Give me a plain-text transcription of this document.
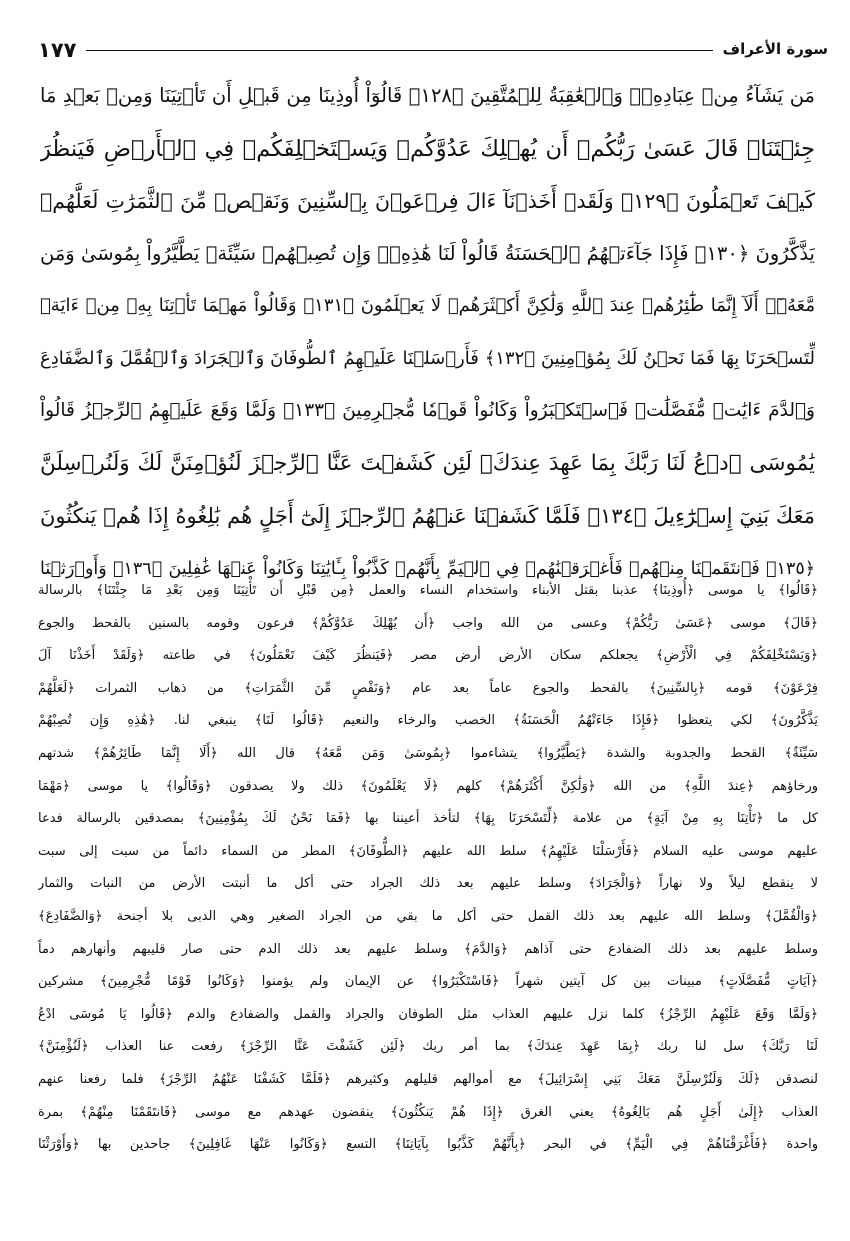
سورة الأعراف
١٧٧
مَن يَشَآءُ مِنۡ عِبَادِهِۦۖ وَٱلۡعَٰقِبَةُ لِلۡمُتَّقِينَ ﴿١٢٨﴾ قَالُوٓاْ أُوذِينَا مِن قَبۡلِ أَن تَأۡتِيَنَا وَمِنۢ بَعۡدِ مَا
جِئۡتَنَاۚ قَالَ عَسَىٰ رَبُّكُمۡ أَن يُهۡلِكَ عَدُوَّكُمۡ وَيَسۡتَخۡلِفَكُمۡ فِي ٱلۡأَرۡضِ فَيَنظُرَ
كَيۡفَ تَعۡمَلُونَ ﴿١٢٩﴾ وَلَقَدۡ أَخَذۡنَآ ءَالَ فِرۡعَوۡنَ بِٱلسِّنِينَ وَنَقۡصٖ مِّنَ ٱلثَّمَرَٰتِ لَعَلَّهُمۡ
يَذَّكَّرُونَ ﴿١٣٠﴾ فَإِذَا جَآءَتۡهُمُ ٱلۡحَسَنَةُ قَالُواْ لَنَا هَٰذِهِۦۖ وَإِن تُصِبۡهُمۡ سَيِّئَةٞ يَطَّيَّرُواْ بِمُوسَىٰ وَمَن
مَّعَهُۥٓۗ أَلَآ إِنَّمَا طَٰٓئِرُهُمۡ عِندَ ٱللَّهِ وَلَٰكِنَّ أَكۡثَرَهُمۡ لَا يَعۡلَمُونَ ﴿١٣١﴾ وَقَالُواْ مَهۡمَا تَأۡتِنَا بِهِۦ مِنۡ ءَايَةٖ
لِّتَسۡحَرَنَا بِهَا فَمَا نَحۡنُ لَكَ بِمُؤۡمِنِينَ ﴿١٣٢﴾ فَأَرۡسَلۡنَا عَلَيۡهِمُ ٱلطُّوفَانَ وَٱلۡجَرَادَ وَٱلۡقُمَّلَ وَٱلضَّفَادِعَ
وَٱلدَّمَ ءَايَٰتٖ مُّفَصَّلَٰتٖ فَٱسۡتَكۡبَرُواْ وَكَانُواْ قَوۡمٗا مُّجۡرِمِينَ ﴿١٣٣﴾ وَلَمَّا وَقَعَ عَلَيۡهِمُ ٱلرِّجۡزُ قَالُواْ
يَٰمُوسَى ٱدۡعُ لَنَا رَبَّكَ بِمَا عَهِدَ عِندَكَۖ لَئِن كَشَفۡتَ عَنَّا ٱلرِّجۡزَ لَنُؤۡمِنَنَّ لَكَ وَلَنُرۡسِلَنَّ
مَعَكَ بَنِيٓ إِسۡرَٰٓءِيلَ ﴿١٣٤﴾ فَلَمَّا كَشَفۡنَا عَنۡهُمُ ٱلرِّجۡزَ إِلَىٰٓ أَجَلٍ هُم بَٰلِغُوهُ إِذَا هُمۡ يَنكُثُونَ
﴿١٣٥﴾ فَٱنتَقَمۡنَا مِنۡهُمۡ فَأَغۡرَقۡنَٰهُمۡ فِي ٱلۡيَمِّ بِأَنَّهُمۡ كَذَّبُواْ بِـَٔايَٰتِنَا وَكَانُواْ عَنۡهَا غَٰفِلِينَ ﴿١٣٦﴾ وَأَوۡرَثۡنَا
﴿قَالُوا﴾ يا موسى ﴿أُوذِينَا﴾ عذبنا بقتل الأبناء واستخدام النساء والعمل ﴿مِن قَبْلِ أَن تَأْتِيَنَا وَمِن بَعْدِ مَا جِئْتَنَا﴾ بالرسالة
﴿قَالَ﴾ موسى ﴿عَسَىٰ رَبُّكُمْ﴾ وعسى من الله واجب ﴿أَن يُهْلِكَ عَدُوَّكُمْ﴾ فرعون وقومه بالسنين بالقحط والجوع
﴿وَيَسْتَخْلِفَكُمْ فِي الْأَرْضِ﴾ يجعلكم سكان الأرض أرض مصر ﴿فَيَنظُرَ كَيْفَ تَعْمَلُونَ﴾ في طاعته ﴿وَلَقَدْ أَخَذْنَا آلَ
فِرْعَوْنَ﴾ قومه ﴿بِالسِّنِينَ﴾ بالقحط والجوع عاماً بعد عام ﴿وَنَقْصٍ مِّنَ الثَّمَرَاتِ﴾ من ذهاب الثمرات ﴿لَعَلَّهُمْ
يَذَّكَّرُونَ﴾ لكي يتعظوا ﴿فَإِذَا جَاءَتْهُمُ الْحَسَنَةُ﴾ الخصب والرخاء والنعيم ﴿قَالُوا لَنَا﴾ ينبغي لنا. ﴿هَٰذِهِ وَإِن تُصِبْهُمْ
سَيِّئَةٌ﴾ القحط والجدوبة والشدة ﴿يَطَّيَّرُوا﴾ يتشاءموا ﴿بِمُوسَىٰ وَمَن مَّعَهُ﴾ قال الله ﴿أَلَا إِنَّمَا طَائِرُهُمْ﴾ شدتهم
ورخاؤهم ﴿عِندَ اللَّهِ﴾ من الله ﴿وَلَٰكِنَّ أَكْثَرَهُمْ﴾ كلهم ﴿لَا يَعْلَمُونَ﴾ ذلك ولا يصدقون ﴿وَقَالُوا﴾ يا موسى ﴿مَهْمَا
كل ما ﴿تَأْتِنَا بِهِ مِنْ آيَةٍ﴾ من علامة ﴿لِّتَسْحَرَنَا بِهَا﴾ لتأخذ أعيننا بها ﴿فَمَا نَحْنُ لَكَ بِمُؤْمِنِينَ﴾ بمصدقين بالرسالة فدعا
عليهم موسى عليه السلام ﴿فَأَرْسَلْنَا عَلَيْهِمُ﴾ سلط الله عليهم ﴿الطُّوفَانَ﴾ المطر من السماء دائماً من سبت إلى سبت
لا ينقطع ليلاً ولا نهاراً ﴿وَالْجَرَادَ﴾ وسلط عليهم بعد ذلك الجراد حتى أكل ما أنبتت الأرض من النبات والثمار
﴿وَالْقُمَّلَ﴾ وسلط الله عليهم بعد ذلك القمل حتى أكل ما بقي من الجراد الصغير وهي الدبى بلا أجنحة ﴿وَالضَّفَادِعَ﴾
وسلط عليهم بعد ذلك الضفادع حتى آذاهم ﴿وَالدَّمَ﴾ وسلط عليهم بعد ذلك الدم حتى صار قليبهم وأنهارهم دماً
﴿آيَاتٍ مُّفَصَّلَاتٍ﴾ مبينات بين كل آيتين شهراً ﴿فَاسْتَكْبَرُوا﴾ عن الإيمان ولم يؤمنوا ﴿وَكَانُوا قَوْمًا مُّجْرِمِينَ﴾ مشركين
﴿وَلَمَّا وَقَعَ عَلَيْهِمُ الرِّجْزُ﴾ كلما نزل عليهم العذاب مثل الطوفان والجراد والقمل والضفادع والدم ﴿قَالُوا يَا مُوسَى ادْعُ
لَنَا رَبَّكَ﴾ سل لنا ربك ﴿بِمَا عَهِدَ عِندَكَ﴾ بما أمر ربك ﴿لَئِن كَشَفْتَ عَنَّا الرِّجْزَ﴾ رفعت عنا العذاب ﴿لَنُؤْمِنَنَّ﴾
لنصدقن ﴿لَكَ وَلَنُرْسِلَنَّ مَعَكَ بَنِي إِسْرَائِيلَ﴾ مع أموالهم قليلهم وكثيرهم ﴿فَلَمَّا كَشَفْنَا عَنْهُمُ الرِّجْزَ﴾ فلما رفعنا عنهم
العذاب ﴿إِلَىٰ أَجَلٍ هُم بَالِغُوهُ﴾ يعني الغرق ﴿إِذَا هُمْ يَنكُثُونَ﴾ ينقضون عهدهم مع موسى ﴿فَانتَقَمْنَا مِنْهُمْ﴾ بمرة
واحدة ﴿فَأَغْرَقْنَاهُمْ فِي الْيَمِّ﴾ في البحر ﴿بِأَنَّهُمْ كَذَّبُوا بِآيَاتِنَا﴾ التسع ﴿وَكَانُوا عَنْهَا غَافِلِينَ﴾ جاحدين بها ﴿وَأَوْرَثْنَا
